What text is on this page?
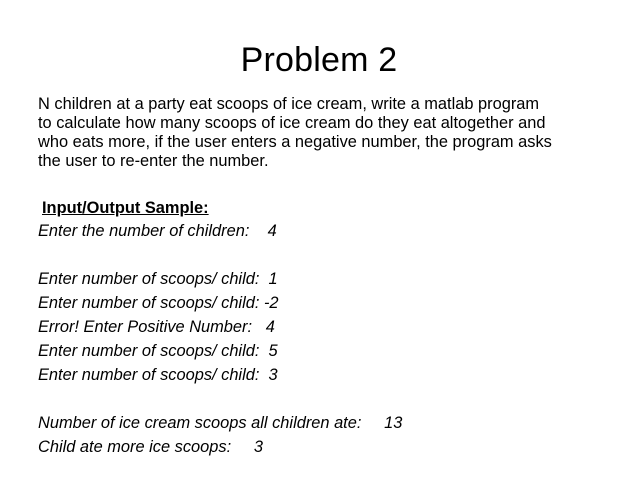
Problem 2
N children at a party eat scoops of ice cream, write a matlab program
to calculate how many scoops of ice cream do they eat altogether and
who eats more, if the user enters a negative number, the program asks
the user to re-enter the number.
Input/Output Sample:
Enter the number of children:    4
Enter number of scoops/ child:  1
Enter number of scoops/ child: -2
Error! Enter Positive Number:   4
Enter number of scoops/ child:  5
Enter number of scoops/ child:  3
Number of ice cream scoops all children ate:     13
Child ate more ice scoops:     3
